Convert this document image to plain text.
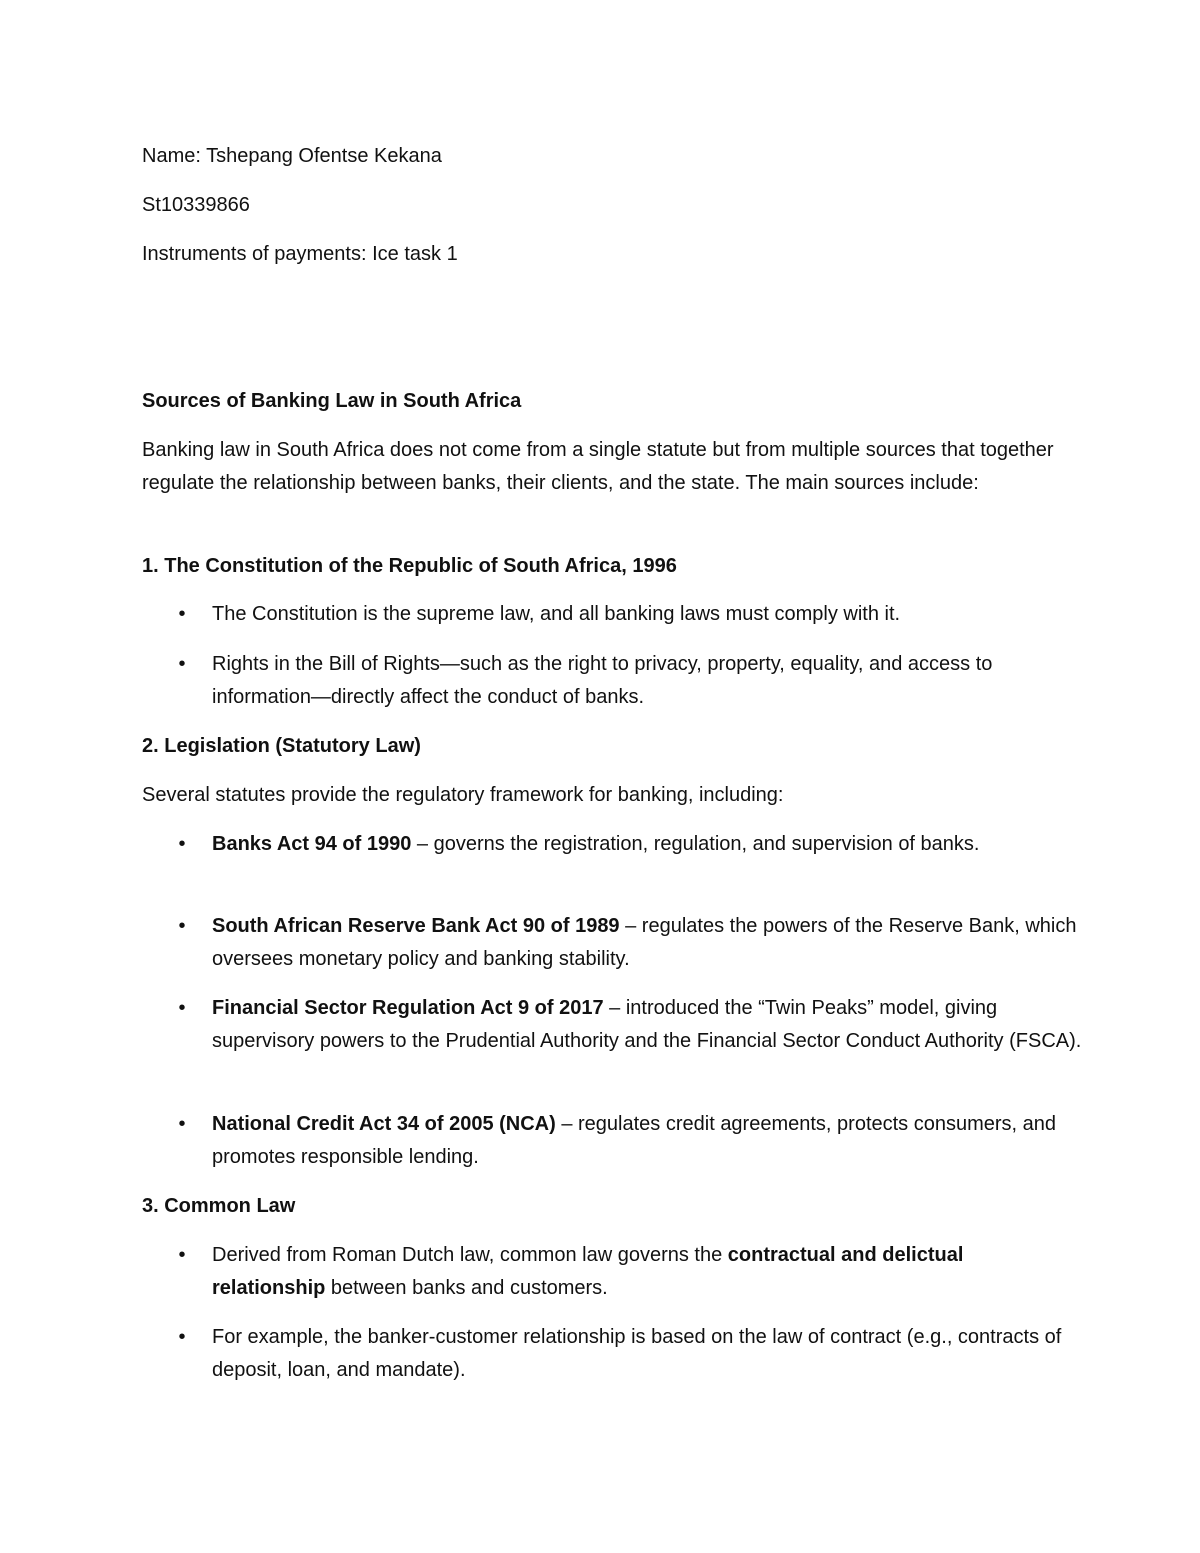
Name: Tshepang Ofentse Kekana

St10339866

Instruments of payments: Ice task 1

Sources of Banking Law in South Africa

Banking law in South Africa does not come from a single statute but from multiple sources that together regulate the relationship between banks, their clients, and the state. The main sources include:

1. The Constitution of the Republic of South Africa, 1996

•	The Constitution is the supreme law, and all banking laws must comply with it.
•	Rights in the Bill of Rights—such as the right to privacy, property, equality, and access to information—directly affect the conduct of banks.

2. Legislation (Statutory Law)

Several statutes provide the regulatory framework for banking, including:

•	Banks Act 94 of 1990 – governs the registration, regulation, and supervision of banks.
•	South African Reserve Bank Act 90 of 1989 – regulates the powers of the Reserve Bank, which oversees monetary policy and banking stability.
•	Financial Sector Regulation Act 9 of 2017 – introduced the “Twin Peaks” model, giving supervisory powers to the Prudential Authority and the Financial Sector Conduct Authority (FSCA).
•	National Credit Act 34 of 2005 (NCA) – regulates credit agreements, protects consumers, and promotes responsible lending.

3. Common Law

•	Derived from Roman Dutch law, common law governs the contractual and delictual relationship between banks and customers.
•	For example, the banker-customer relationship is based on the law of contract (e.g., contracts of deposit, loan, and mandate).
